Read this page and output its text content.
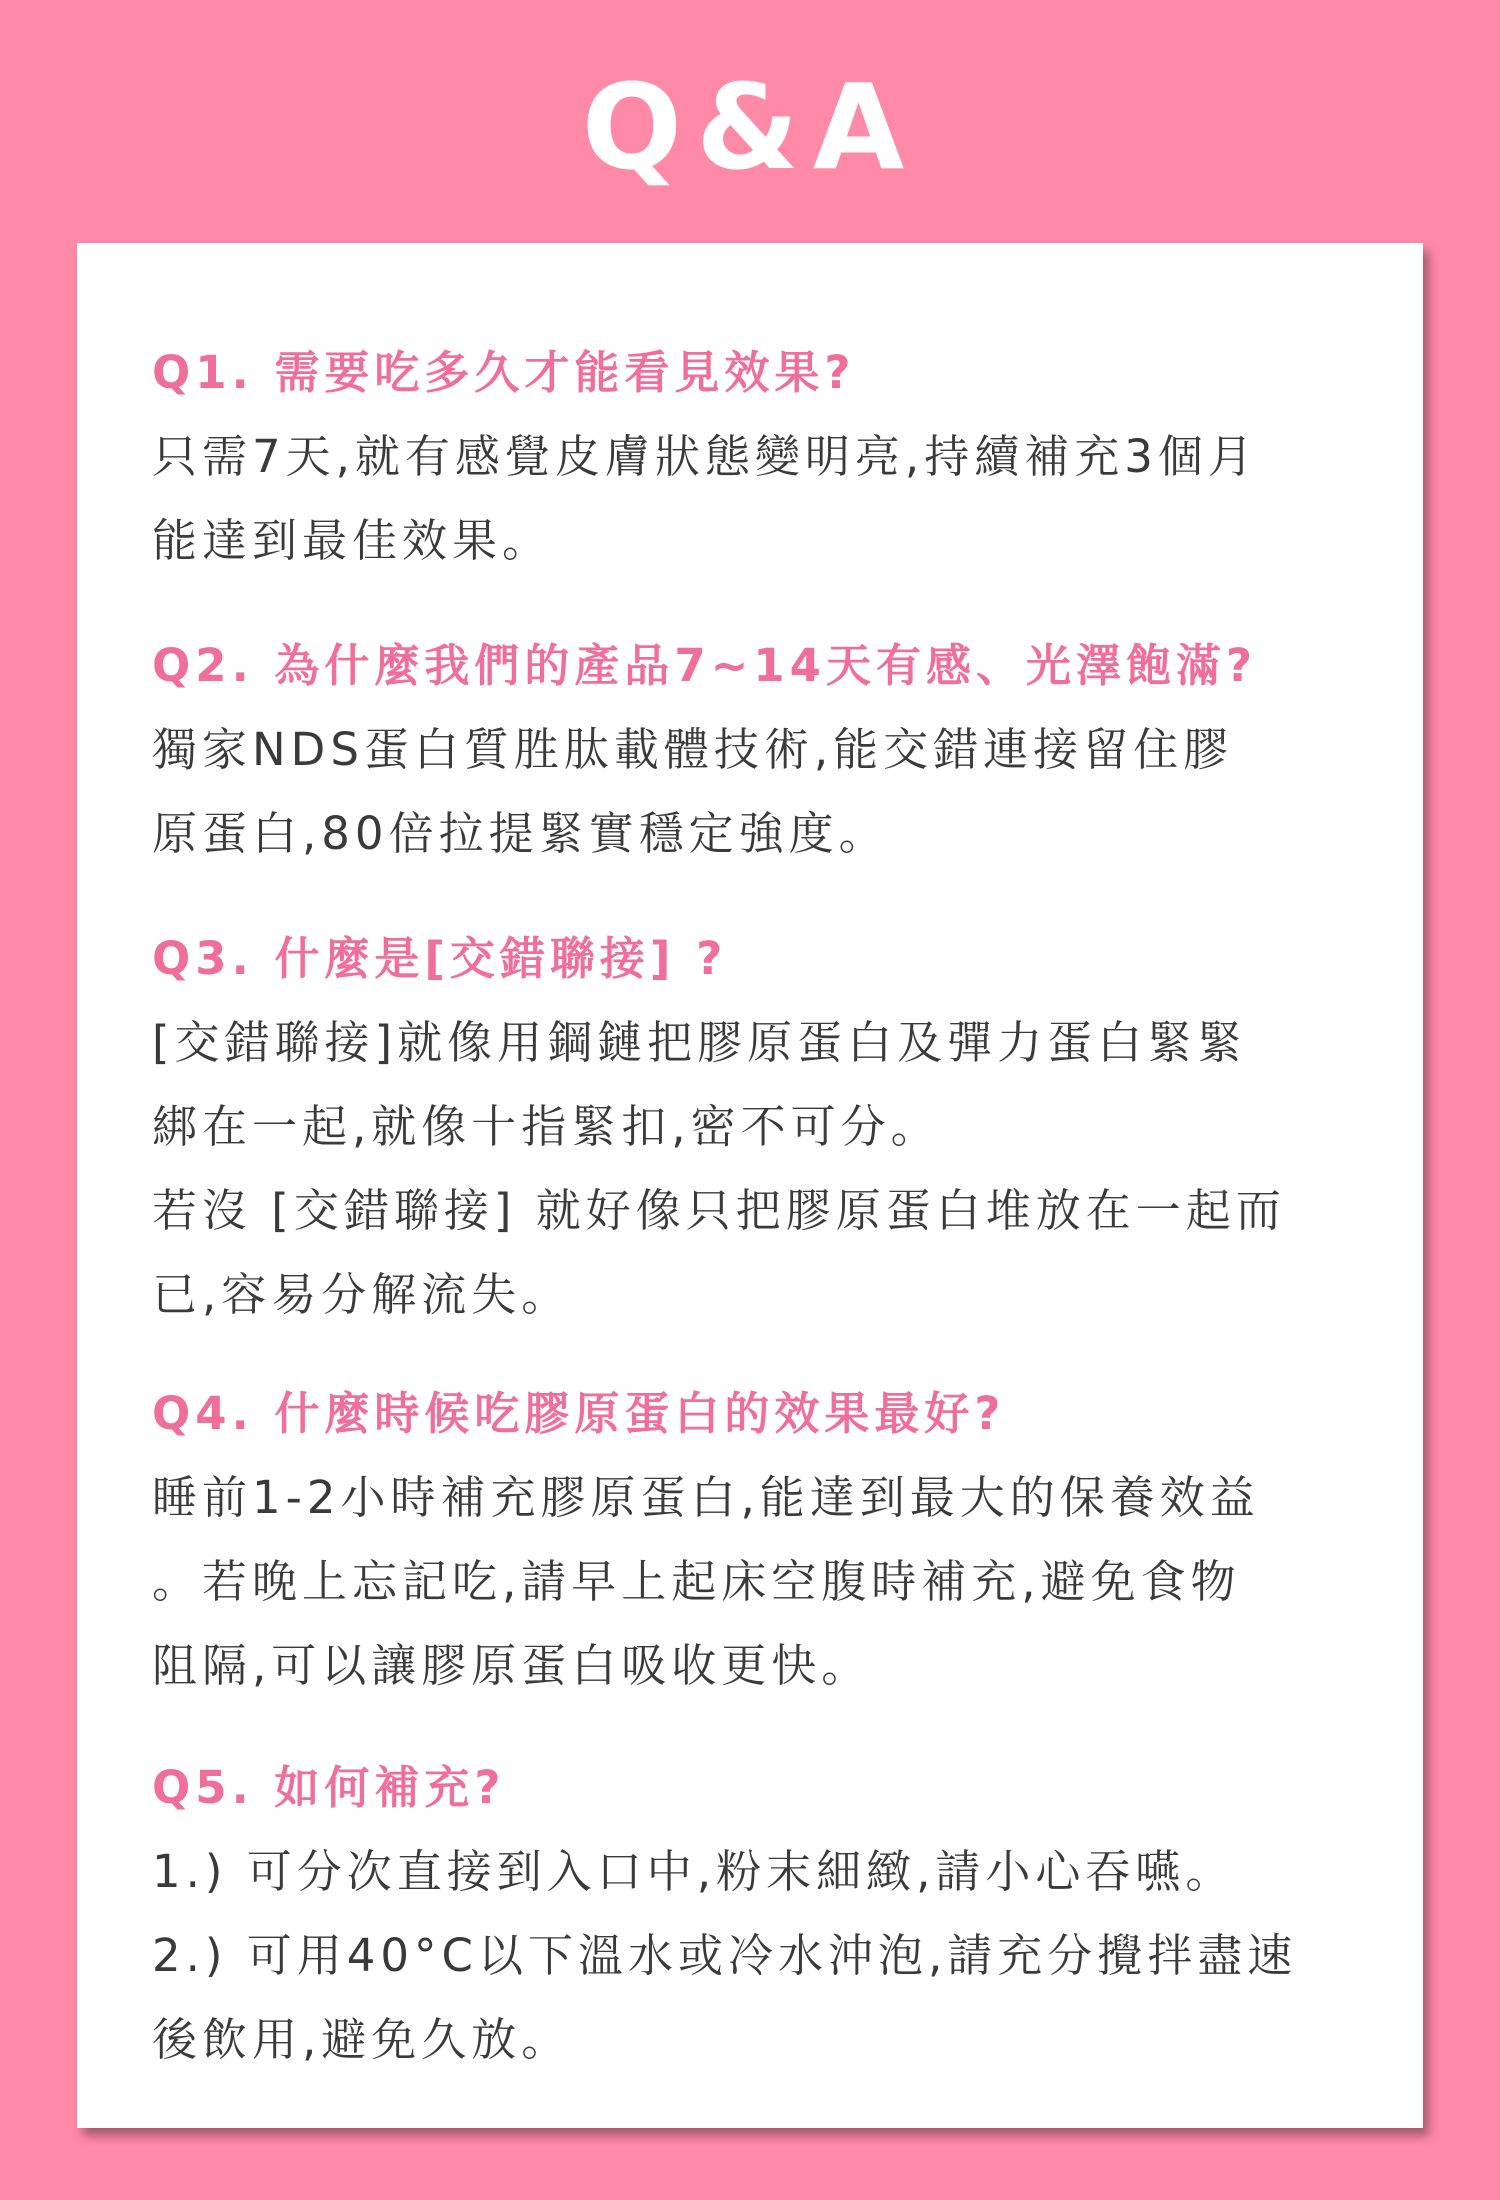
Q&A
Q1. 需要吃多久才能看見效果?
只需7天,就有感覺皮膚狀態變明亮,持續補充3個月
能達到最佳效果。
Q2. 為什麼我們的產品7~14天有感、光澤飽滿?
獨家NDS蛋白質胜肽載體技術,能交錯連接留住膠
原蛋白,80倍拉提緊實穩定強度。
Q3. 什麼是[交錯聯接] ?
[交錯聯接]就像用鋼鏈把膠原蛋白及彈力蛋白緊緊
綁在一起,就像十指緊扣,密不可分。
若沒 [交錯聯接] 就好像只把膠原蛋白堆放在一起而
已,容易分解流失。
Q4. 什麼時候吃膠原蛋白的效果最好?
睡前1-2小時補充膠原蛋白,能達到最大的保養效益
。若晚上忘記吃,請早上起床空腹時補充,避免食物
阻隔,可以讓膠原蛋白吸收更快。
Q5. 如何補充?
1.) 可分次直接到入口中,粉末細緻,請小心吞嚥。
2.) 可用40°C以下溫水或冷水沖泡,請充分攪拌盡速
後飲用,避免久放。
